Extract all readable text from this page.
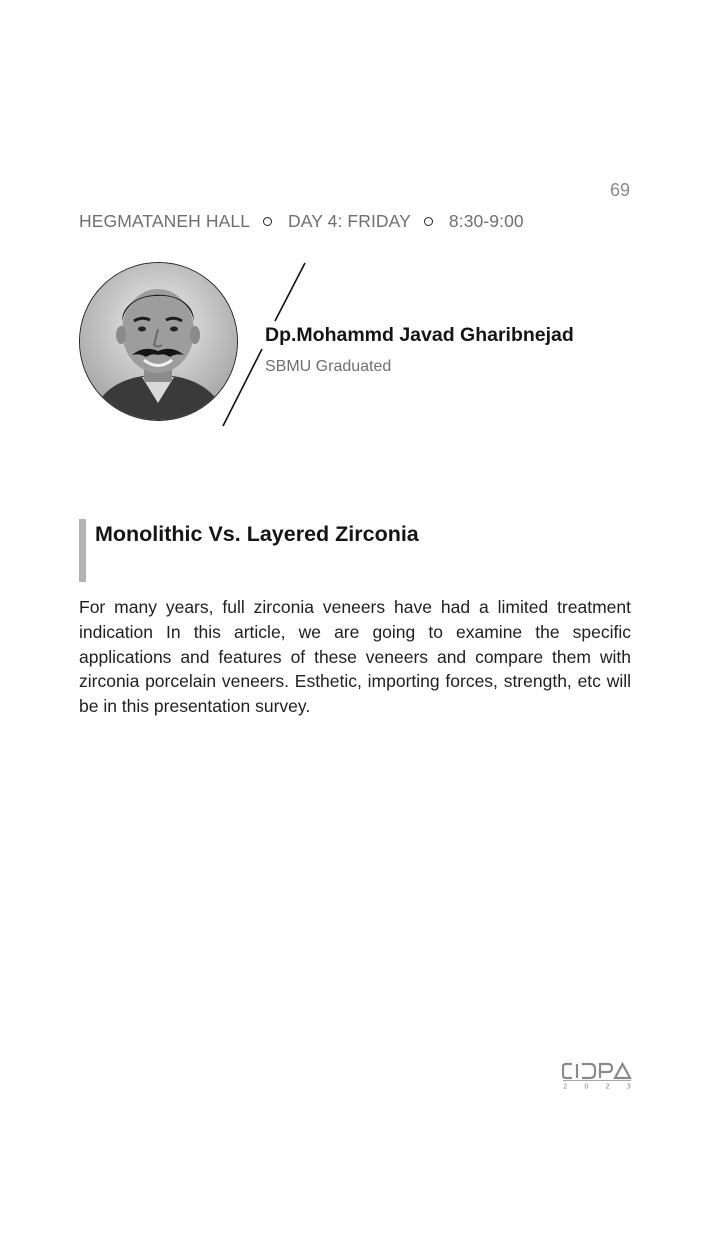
69
HEGMATANEH HALL DAY 4: FRIDAY 8:30-9:00
Dp.Mohammd Javad Gharibnejad
SBMU Graduated
Monolithic Vs. Layered Zirconia

For many years, full zirconia veneers have had a limited treatment indication In this article, we are going to examine the specific applications and features of these veneers and compare them with zirconia porcelain veneers. Esthetic, importing forces, strength, etc will be in this presentation survey.

2023
